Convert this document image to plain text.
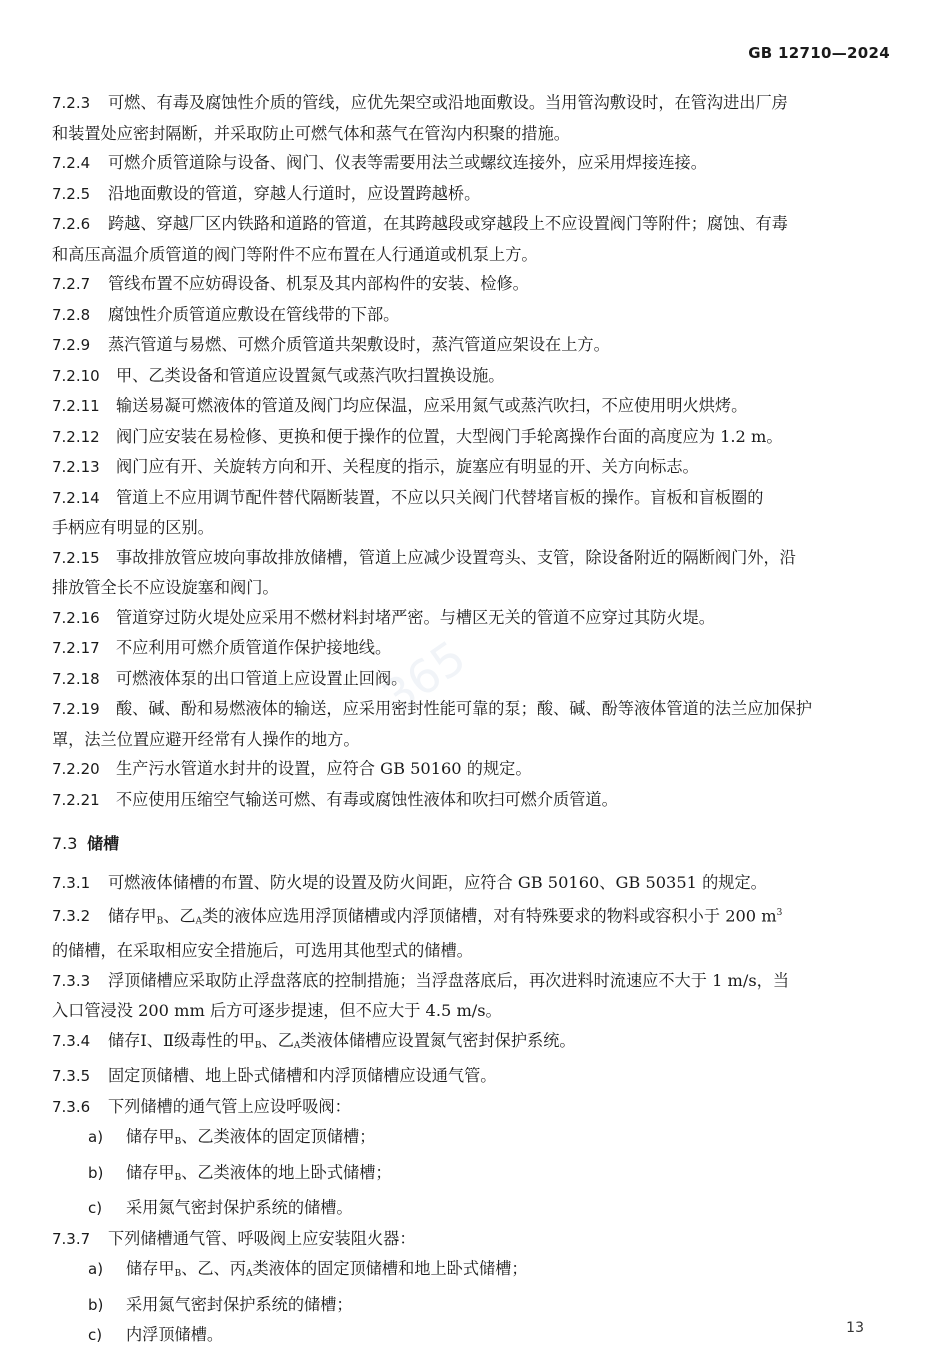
GB 12710—2024
365

7.2.3 可燃、有毒及腐蚀性介质的管线，应优先架空或沿地面敷设。当用管沟敷设时，在管沟进出厂房

和装置处应密封隔断，并采取防止可燃气体和蒸气在管沟内积聚的措施。

7.2.4 可燃介质管道除与设备、阀门、仪表等需要用法兰或螺纹连接外，应采用焊接连接。

7.2.5 沿地面敷设的管道，穿越人行道时，应设置跨越桥。

7.2.6 跨越、穿越厂区内铁路和道路的管道，在其跨越段或穿越段上不应设置阀门等附件；腐蚀、有毒

和高压高温介质管道的阀门等附件不应布置在人行通道或机泵上方。

7.2.7 管线布置不应妨碍设备、机泵及其内部构件的安装、检修。

7.2.8 腐蚀性介质管道应敷设在管线带的下部。

7.2.9 蒸汽管道与易燃、可燃介质管道共架敷设时，蒸汽管道应架设在上方。

7.2.10 甲、乙类设备和管道应设置氮气或蒸汽吹扫置换设施。

7.2.11 输送易凝可燃液体的管道及阀门均应保温，应采用氮气或蒸汽吹扫，不应使用明火烘烤。

7.2.12 阀门应安装在易检修、更换和便于操作的位置，大型阀门手轮离操作台面的高度应为 1.2 m。

7.2.13 阀门应有开、关旋转方向和开、关程度的指示，旋塞应有明显的开、关方向标志。

7.2.14 管道上不应用调节配件替代隔断装置，不应以只关阀门代替堵盲板的操作。盲板和盲板圈的

手柄应有明显的区别。

7.2.15 事故排放管应坡向事故排放储槽，管道上应减少设置弯头、支管，除设备附近的隔断阀门外，沿

排放管全长不应设旋塞和阀门。

7.2.16 管道穿过防火堤处应采用不燃材料封堵严密。与槽区无关的管道不应穿过其防火堤。

7.2.17 不应利用可燃介质管道作保护接地线。

7.2.18 可燃液体泵的出口管道上应设置止回阀。

7.2.19 酸、碱、酚和易燃液体的输送，应采用密封性能可靠的泵；酸、碱、酚等液体管道的法兰应加保护

罩，法兰位置应避开经常有人操作的地方。

7.2.20 生产污水管道水封井的设置，应符合 GB 50160 的规定。

7.2.21 不应使用压缩空气输送可燃、有毒或腐蚀性液体和吹扫可燃介质管道。

7.3 储槽

7.3.1 可燃液体储槽的布置、防火堤的设置及防火间距，应符合 GB 50160、GB 50351 的规定。

7.3.2 储存甲$_B$、乙$_A$类的液体应选用浮顶储槽或内浮顶储槽，对有特殊要求的物料或容积小于 200 $m^3$

的储槽，在采取相应安全措施后，可选用其他型式的储槽。

7.3.3 浮顶储槽应采取防止浮盘落底的控制措施；当浮盘落底后，再次进料时流速应不大于 1 m/s，当

入口管浸没 200 mm 后方可逐步提速，但不应大于 4.5 m/s。

7.3.4 储存Ⅰ、Ⅱ级毒性的甲$_B$、乙$_A$类液体储槽应设置氮气密封保护系统。

7.3.5 固定顶储槽、地上卧式储槽和内浮顶储槽应设通气管。

7.3.6 下列储槽的通气管上应设呼吸阀：

a) 储存甲$_B$、乙类液体的固定顶储槽；

b) 储存甲$_B$、乙类液体的地上卧式储槽；

c) 采用氮气密封保护系统的储槽。

7.3.7 下列储槽通气管、呼吸阀上应安装阻火器：

a) 储存甲$_B$、乙、丙$_A$类液体的固定顶储槽和地上卧式储槽；

b) 采用氮气密封保护系统的储槽；

c) 内浮顶储槽。	13
